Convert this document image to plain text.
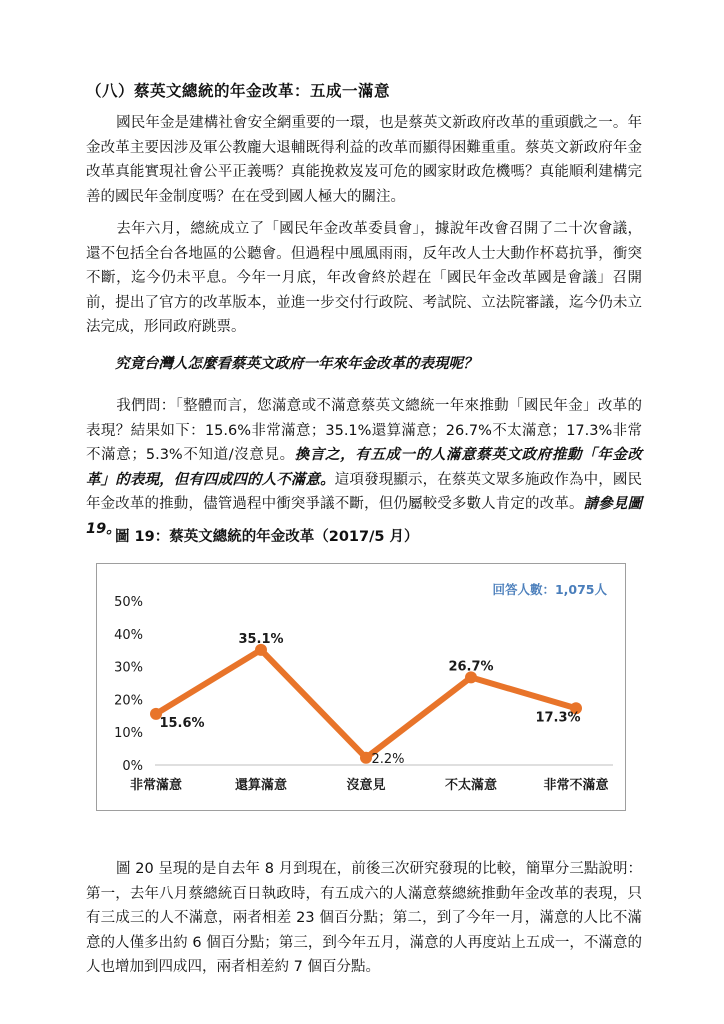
（八）蔡英文總統的年金改革：五成一滿意

國民年金是建構社會安全網重要的一環，也是蔡英文新政府改革的重頭戲之一。年金改革主要因涉及軍公教龐大退輔既得利益的改革而顯得困難重重。蔡英文新政府年金改革真能實現社會公平正義嗎？真能挽救岌岌可危的國家財政危機嗎？真能順利建構完善的國民年金制度嗎？在在受到國人極大的關注。

去年六月，總統成立了「國民年金改革委員會」，據說年改會召開了二十次會議，還不包括全台各地區的公聽會。但過程中風風雨雨，反年改人士大動作杯葛抗爭，衝突不斷，迄今仍未平息。今年一月底，年改會終於趕在「國民年金改革國是會議」召開前，提出了官方的改革版本，並進一步交付行政院、考試院、立法院審議，迄今仍未立法完成，形同政府跳票。

究竟台灣人怎麼看蔡英文政府一年來年金改革的表現呢？

我們問：「整體而言，您滿意或不滿意蔡英文總統一年來推動「國民年金」改革的表現？結果如下：15.6%非常滿意；35.1%還算滿意；26.7%不太滿意；17.3%非常不滿意；5.3%不知道/沒意見。換言之，有五成一的人滿意蔡英文政府推動「年金改革」的表現，但有四成四的人不滿意。這項發現顯示，在蔡英文眾多施政作為中，國民年金改革的推動，儘管過程中衝突爭議不斷，但仍屬較受多數人肯定的改革。請參見圖 19。

圖 19：蔡英文總統的年金改革（2017/5 月）
回答人數：1,075人
0%
10%
20%
30%
40%
50%
非常滿意	還算滿意	沒意見	不太滿意	非常不滿意
15.6%
35.1%
2.2%
26.7%
17.3%

圖 20 呈現的是自去年 8 月到現在，前後三次研究發現的比較，簡單分三點說明：第一，去年八月蔡總統百日執政時，有五成六的人滿意蔡總統推動年金改革的表現，只有三成三的人不滿意，兩者相差 23 個百分點；第二，到了今年一月，滿意的人比不滿意的人僅多出約 6 個百分點；第三，到今年五月，滿意的人再度站上五成一，不滿意的人也增加到四成四，兩者相差約 7 個百分點。
